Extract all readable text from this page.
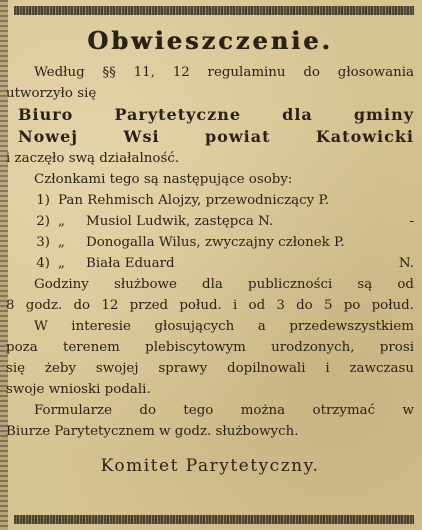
Obwieszczenie.
Według §§ 11, 12 regulaminu do głosowania
utworzyło się
Biuro Parytetyczne dla gminy
Nowej Wsi powiat Katowicki
i zaczęło swą działalność.
Członkami tego są następujące osoby:
1) Pan Rehmisch Alojzy, przewodniczący P.
2) „	Musiol Ludwik, zastępca N.	-
3) „	Donogalla Wilus, zwyczajny członek P.
4) „	Biała Eduard	N.
Godziny służbowe dla publiczności są od
8 godz. do 12 przed połud. i od 3 do 5 po połud.
W interesie głosujących a przedewszystkiem
poza terenem plebiscytowym urodzonych, prosi
się żeby swojej sprawy dopilnowali i zawczasu
swoje wnioski podali.
Formularze do tego można otrzymać w
Biurze Parytetycznem w godz. służbowych.
Komitet Parytetyczny.
